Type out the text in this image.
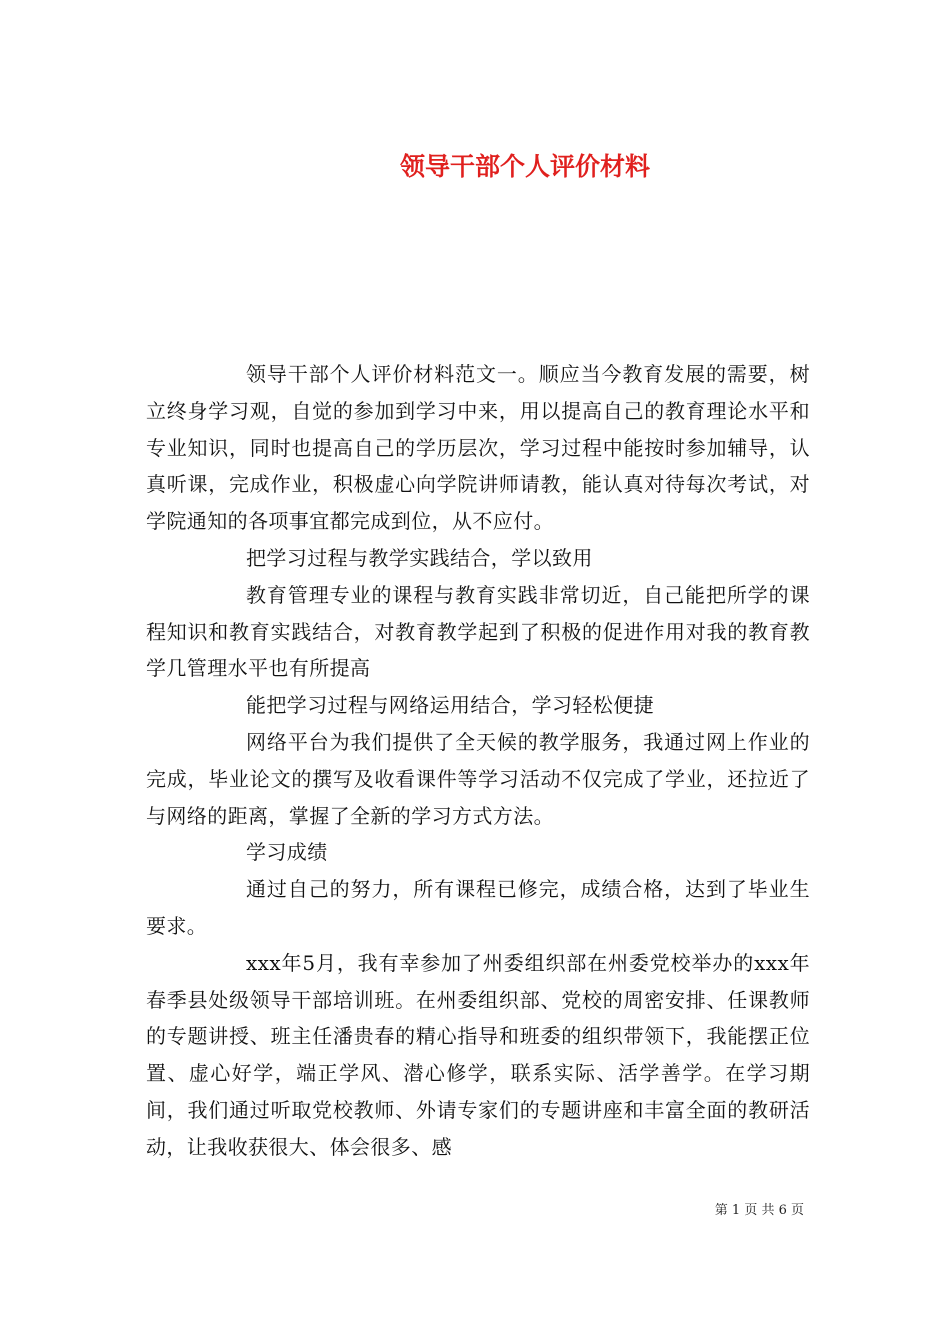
领导干部个人评价材料

领导干部个人评价材料范文一。顺应当今教育发展的需要，树立终身学习观，自觉的参加到学习中来，用以提高自己的教育理论水平和专业知识，同时也提高自己的学历层次，学习过程中能按时参加辅导，认真听课，完成作业，积极虚心向学院讲师请教，能认真对待每次考试，对学院通知的各项事宜都完成到位，从不应付。

把学习过程与教学实践结合，学以致用

教育管理专业的课程与教育实践非常切近，自己能把所学的课程知识和教育实践结合，对教育教学起到了积极的促进作用对我的教育教学几管理水平也有所提高

能把学习过程与网络运用结合，学习轻松便捷

网络平台为我们提供了全天候的教学服务，我通过网上作业的完成，毕业论文的撰写及收看课件等学习活动不仅完成了学业，还拉近了与网络的距离，掌握了全新的学习方式方法。

学习成绩

通过自己的努力，所有课程已修完，成绩合格，达到了毕业生要求。

xxx年5月，我有幸参加了州委组织部在州委党校举办的xxx年春季县处级领导干部培训班。在州委组织部、党校的周密安排、任课教师的专题讲授、班主任潘贵春的精心指导和班委的组织带领下，我能摆正位置、虚心好学，端正学风、潜心修学，联系实际、活学善学。在学习期间，我们通过听取党校教师、外请专家们的专题讲座和丰富全面的教研活动，让我收获很大、体会很多、感

第 1 页 共 6 页
